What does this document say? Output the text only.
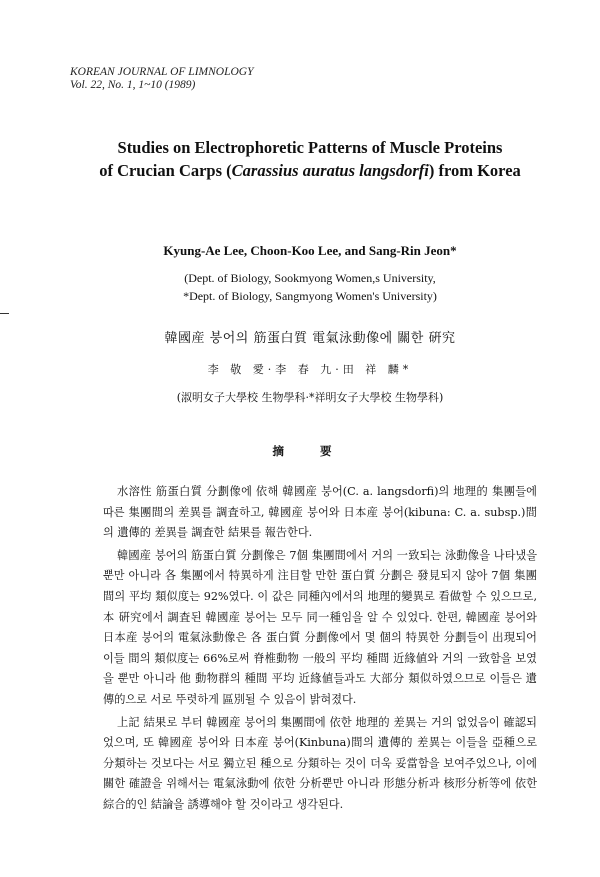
KOREAN JOURNAL OF LIMNOLOGY
Vol. 22, No. 1, 1~10 (1989)
Studies on Electrophoretic Patterns of Muscle Proteins
of Crucian Carps (Carassius auratus langsdorfi) from Korea
Kyung-Ae Lee, Choon-Koo Lee, and Sang-Rin Jeon*
(Dept. of Biology, Sookmyong Women,s University,
*Dept. of Biology, Sangmyong Women's University)
韓國産 붕어의 筋蛋白質 電氣泳動像에 關한 硏究
李 敬 愛·李 春 九·田 祥 麟*
(淑明女子大學校 生物學科·*祥明女子大學校 生物學科)
摘 要

水溶性 筋蛋白質 分劃像에 依해 韓國産 붕어(C. a. langsdorfi)의 地理的 集團들에 따른 集團間의 差異를 調査하고, 韓國産 붕어와 日本産 붕어(kibuna: C. a. subsp.)間의 遺傳的 差異를 調査한 結果를 報告한다.

韓國産 붕어의 筋蛋白質 分劃像은 7個 集團間에서 거의 一致되는 泳動像을 나타냈을 뿐만 아니라 各 集團에서 特異하게 注目할 만한 蛋白質 分劃은 發見되지 않아 7個 集團間의 平均 類似度는 92%였다. 이 값은 同種內에서의 地理的變異로 看做할 수 있으므로, 本 硏究에서 調査된 韓國産 붕어는 모두 同一種임을 알 수 있었다. 한편, 韓國産 붕어와 日本産 붕어의 電氣泳動像은 各 蛋白質 分劃像에서 몇 個의 特異한 分劃들이 出現되어 이들 間의 類似度는 66%로써 脊椎動物 一般의 平均 種間 近緣値와 거의 一致함을 보였을 뿐만 아니라 他 動物群의 種間 平均 近緣値들과도 大部分 類似하였으므로 이들은 遺傳的으로 서로 뚜렷하게 區別될 수 있음이 밝혀졌다.

上記 結果로 부터 韓國産 붕어의 集團間에 依한 地理的 差異는 거의 없었음이 確認되었으며, 또 韓國産 붕어와 日本産 붕어(Kinbuna)間의 遺傳的 差異는 이들을 亞種으로 分類하는 것보다는 서로 獨立된 種으로 分類하는 것이 더욱 妥當함을 보여주었으나, 이에 關한 確證을 위해서는 電氣泳動에 依한 分析뿐만 아니라 形態分析과 核形分析等에 依한 綜合的인 結論을 誘導해야 할 것이라고 생각된다.
